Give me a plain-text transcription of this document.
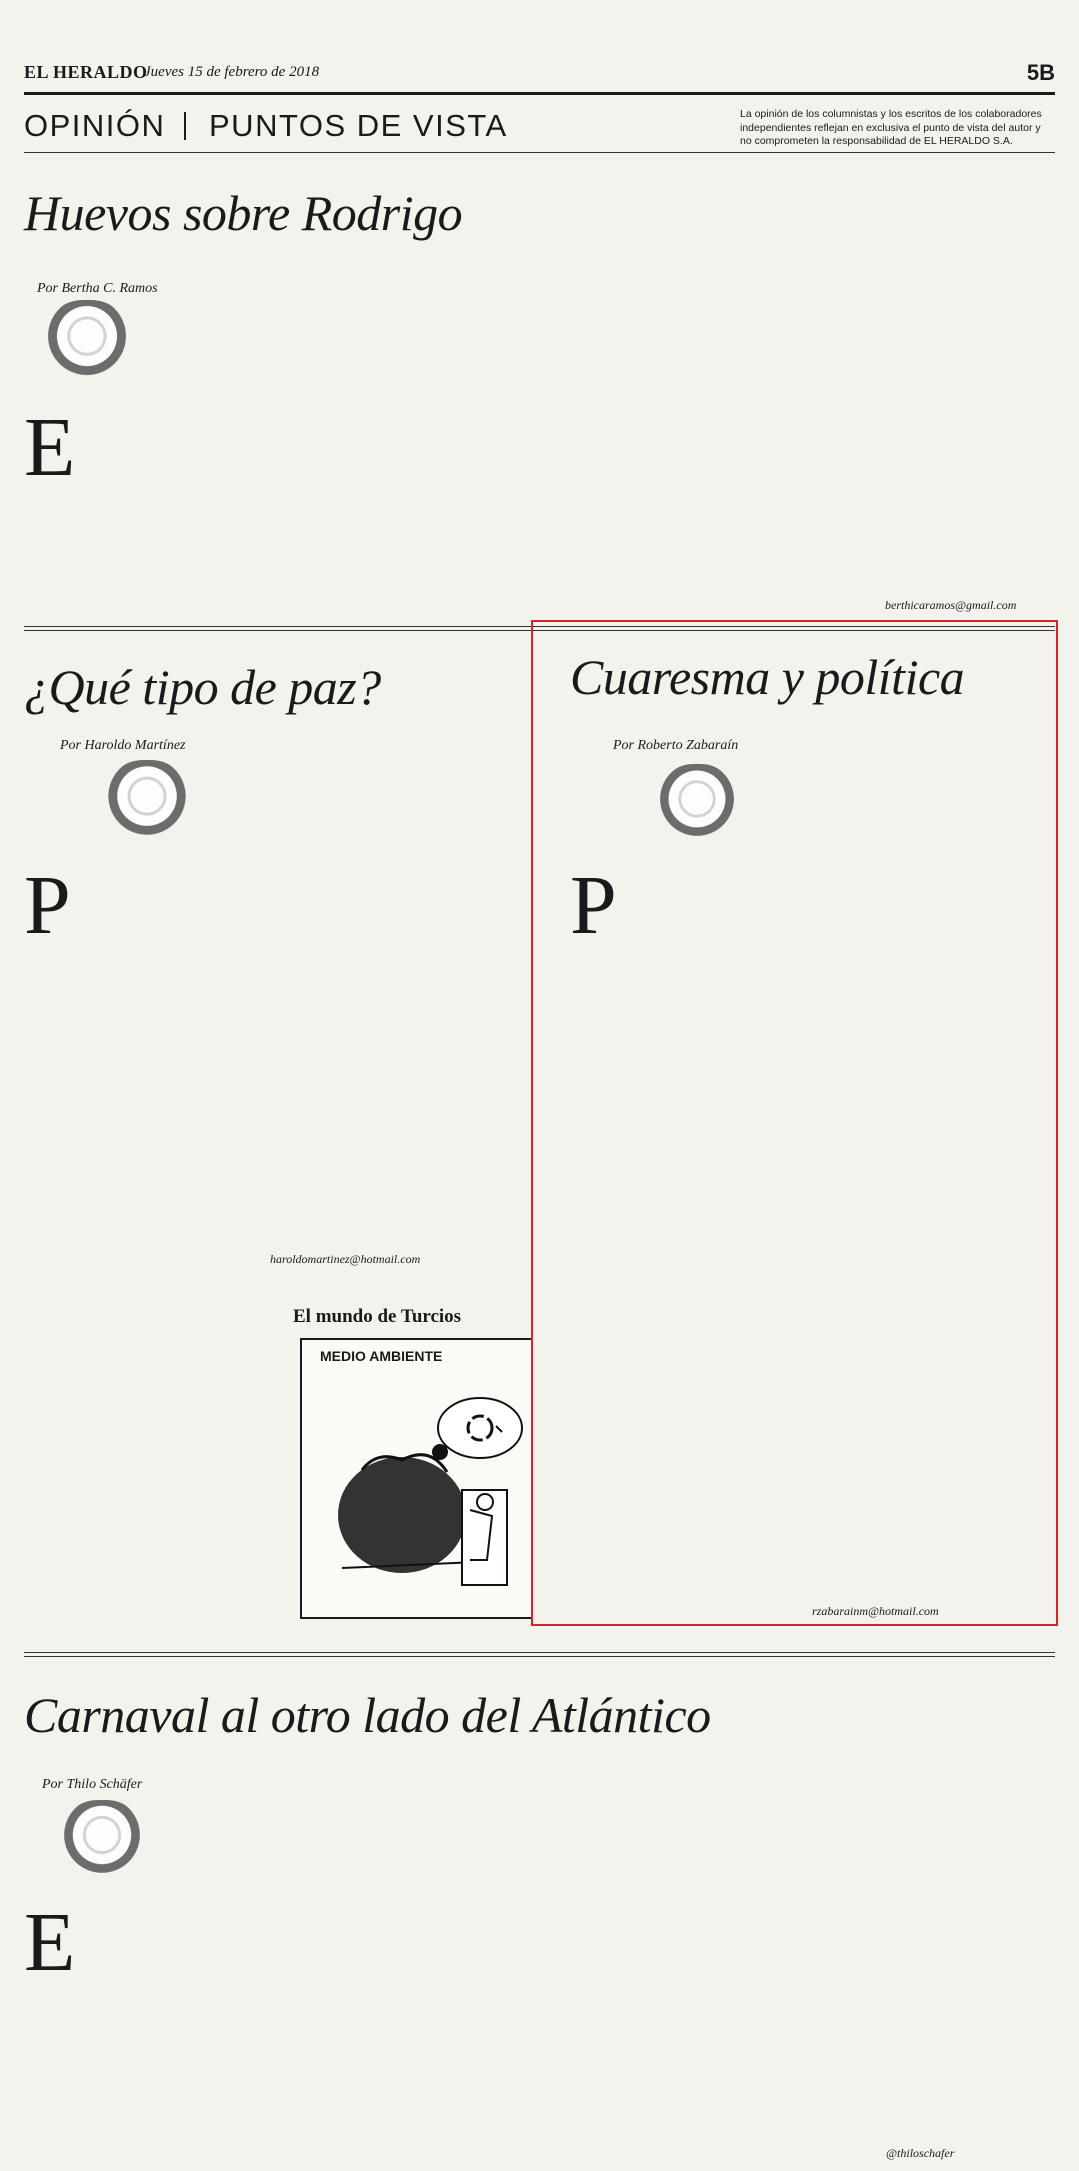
EL HERALDO
Jueves 15 de febrero de 2018	5B
OPINIÓN PUNTOS DE VISTA	La opinión de los columnistas y los escritos de los colaboradores independientes reflejan en exclusiva el punto de vista del autor y no comprometen la responsabilidad de EL HERALDO S.A.
Huevos sobre Rodrigo
Por Bertha C. Ramos
E
berthicaramos@gmail.com
¿Qué tipo de paz?
Por Haroldo Martínez
P
haroldomartinez@hotmail.com
El mundo de Turcios
MEDIO AMBIENTE
Cuaresma y política
Por Roberto Zabaraín
P
rzabarainm@hotmail.com
Carnaval al otro lado del Atlántico
Por Thilo Schäfer
E
@thiloschafer
